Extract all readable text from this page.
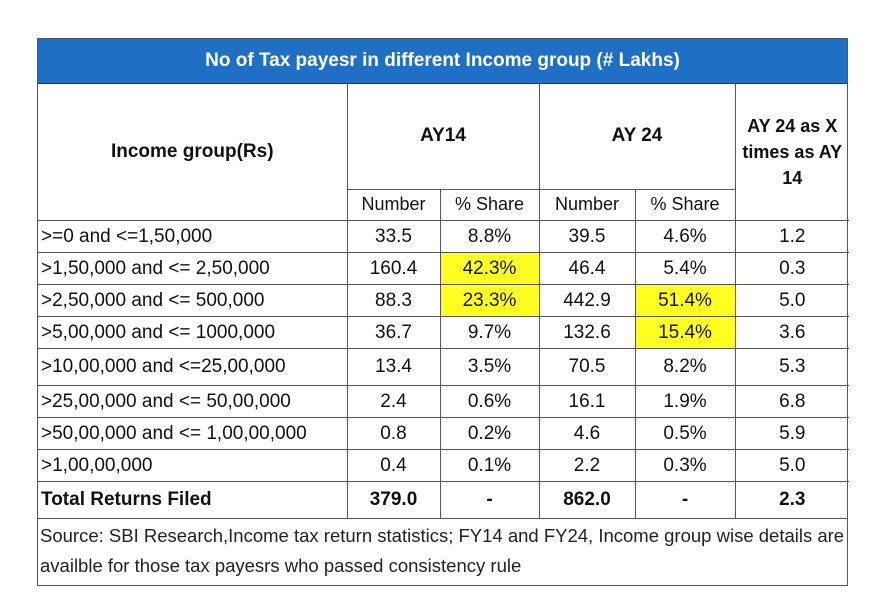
No of Tax payesr in different Income group (# Lakhs)
Income group(Rs)	AY14		AY 24		AY 24 as X times as AY 14
	Number	% Share	Number	% Share	
>=0 and <=1,50,000	33.5	8.8%	39.5	4.6%	1.2
>1,50,000 and <= 2,50,000	160.4	42.3%	46.4	5.4%	0.3
>2,50,000 and <= 500,000	88.3	23.3%	442.9	51.4%	5.0
>5,00,000 and <= 1000,000	36.7	9.7%	132.6	15.4%	3.6
>10,00,000 and <=25,00,000	13.4	3.5%	70.5	8.2%	5.3
>25,00,000 and <= 50,00,000	2.4	0.6%	16.1	1.9%	6.8
>50,00,000 and <= 1,00,00,000	0.8	0.2%	4.6	0.5%	5.9
>1,00,00,000	0.4	0.1%	2.2	0.3%	5.0
Total Returns Filed	379.0	-	862.0	-	2.3
Source: SBI Research,Income tax return statistics; FY14 and FY24, Income group wise details are availble for those tax payesrs who passed consistency rule
